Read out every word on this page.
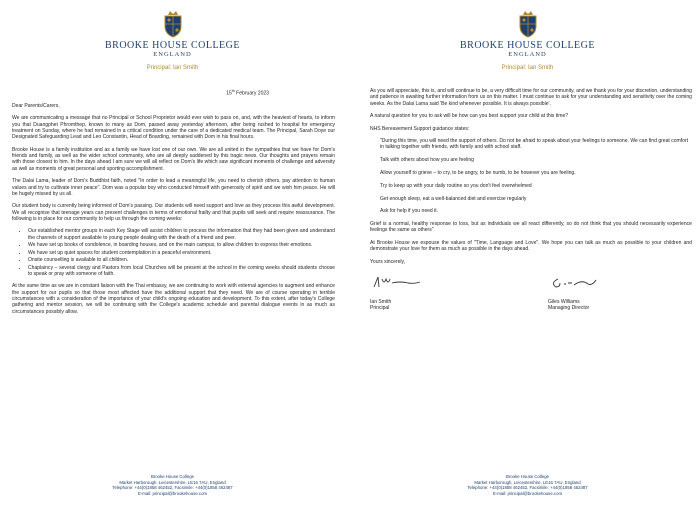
BROOKE HOUSE COLLEGE
ENGLAND
Principal: Ian Smith
15th February 2023
Dear Parents/Carers,
We are communicating a message that no Principal or School Proprietor would ever wish to pass on, and, with the heaviest of hearts, to inform you that Duangphet Phromthep, known to many as Dom, passed away yesterday afternoon, after being rushed to hospital for emergency treatment on Sunday, where he had remained in a critical condition under the care of a dedicated medical team. The Principal, Sarah Doye our Designated Safeguarding Lead and Leo Constantin, Head of Boarding, remained with Dom in his final hours.
Brooke House is a family institution and as a family we have lost one of our own. We are all united in the sympathies that we have for Dom's friends and family, as well as the wider school community, who are all deeply saddened by this tragic news. Our thoughts and prayers remain with those closest to him. In the days ahead I am sure we will all reflect on Dom's life which saw significant moments of challenge and adversity as well as moments of great personal and sporting accomplishment.
The Dalai Lama, leader of Dom's Buddhist faith, noted "In order to lead a meaningful life, you need to cherish others, pay attention to human values and try to cultivate inner peace". Dom was a popular boy who conducted himself with generosity of spirit and we wish him peace. He will be hugely missed by us all.
Our student body is currently being informed of Dom's passing. Our students will need support and love as they process this awful development. We all recognise that teenage years can present challenges in terms of emotional frailty and that pupils will seek and require reassurance. The following is in place for our community to help us through the coming weeks:
• Our established mentor groups in each Key Stage will assist children to process the information that they had been given and understand the channels of support available to young people dealing with the death of a friend and peer.
• We have set up books of condolence, in boarding houses, and on the main campus, to allow children to express their emotions.
• We have set up quiet spaces for student contemplation in a peaceful environment.
• Onsite counselling is available to all children.
• Chaplaincy – several clergy and Pastors from local Churches will be present at the school in the coming weeks should students choose to speak or pray with someone of faith.
At the same time as we are in constant liaison with the Thai embassy, we are continuing to work with external agencies to augment and enhance the support for our pupils so that those most affected have the additional support that they need. We are of course operating in terrible circumstances with a consideration of the importance of your child's ongoing education and development. To this extent, after today's College gathering and mentor session, we will be continuing with the College's academic schedule and parental dialogue events in as much as circumstances possibly allow.
Brooke House College
Market Harborough, Leicestershire, LE16 7AU, England
Telephone: +44(0)1858 462452, Facsimile: +44(0)1858 462487
E-mail: principal@brookehouse.com
BROOKE HOUSE COLLEGE
ENGLAND
Principal: Ian Smith
As you will appreciate, this is, and will continue to be, a very difficult time for our community, and we thank you for your discretion, understanding and patience in awaiting further information from us on this matter. I must continue to ask for your understanding and sensitivity over the coming weeks. As the Dalai Lama said 'Be kind whenever possible. It is always possible'.
A natural question for you to ask will be how can you best support your child at this time?
NHS Bereavement Support guidance states:
"During this time, you will need the support of others. Do not be afraid to speak about your feelings to someone. We can find great comfort in talking together with friends, with family and with school staff.
Talk with others about how you are feeling
Allow yourself to grieve – to cry, to be angry, to be numb, to be however you are feeling.
Try to keep up with your daily routine so you don't feel overwhelmed
Get enough sleep, eat a well-balanced diet and exercise regularly
Ask for help if you need it.
Grief is a normal, healthy response to loss, but as individuals we all react differently, so do not think that you should necessarily experience feelings the same as others"
At Brooke House we espouse the values of "Time, Language and Love". We hope you can talk as much as possible to your children and demonstrate your love for them as much as possible in the days ahead.
Yours sincerely,
Ian Smith
Principal
Giles Williams
Managing Director
Brooke House College
Market Harborough, Leicestershire, LE16 7AU, England
Telephone: +44(0)1858 462452, Facsimile: +44(0)1858 462487
E-mail: principal@brookehouse.com
